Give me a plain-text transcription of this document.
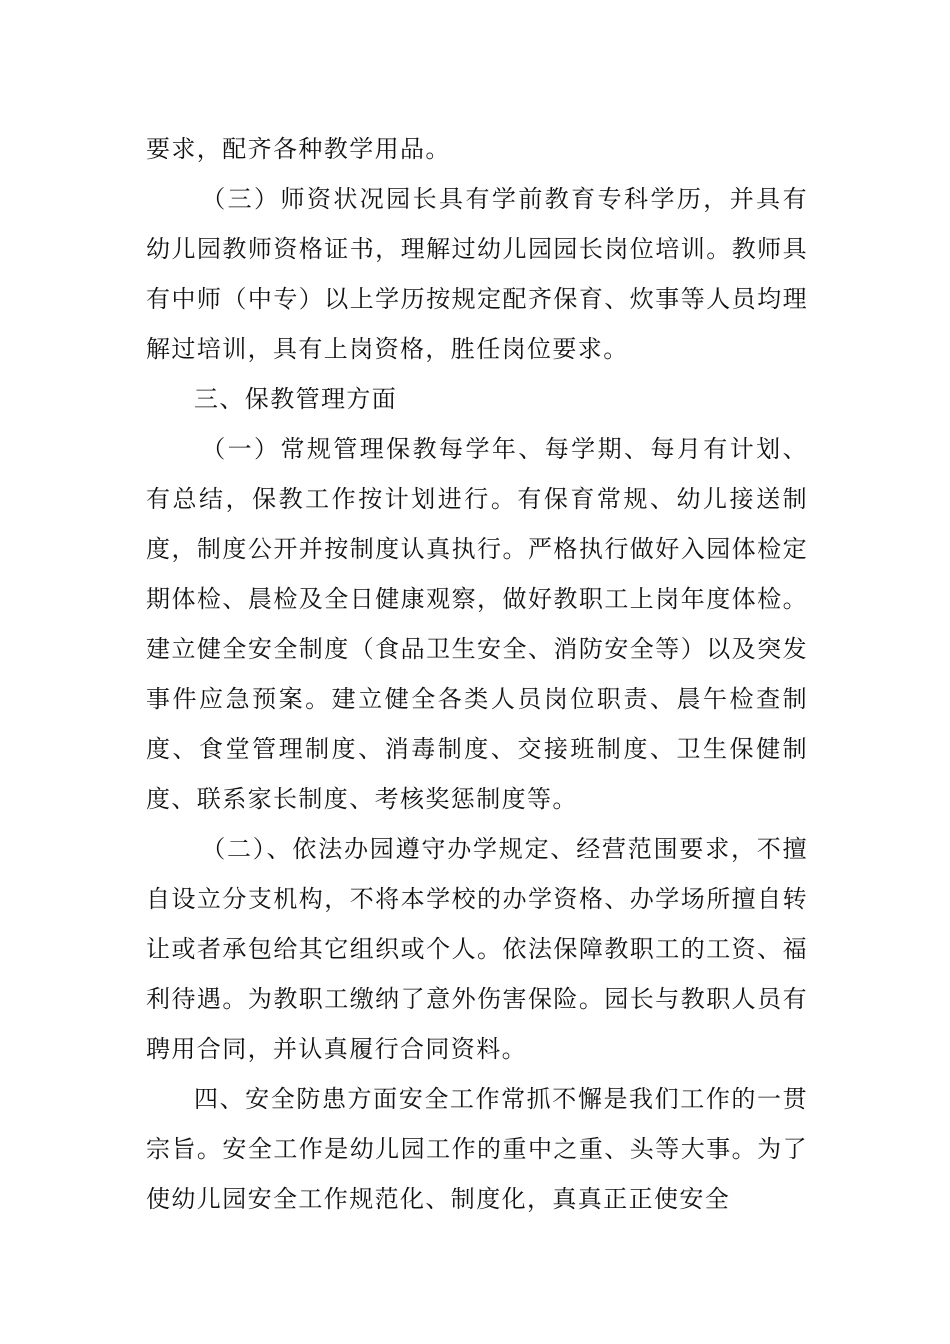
要求，配齐各种教学用品。

（三）师资状况园长具有学前教育专科学历，并具有幼儿园教师资格证书，理解过幼儿园园长岗位培训。教师具有中师（中专）以上学历按规定配齐保育、炊事等人员均理解过培训，具有上岗资格，胜任岗位要求。

三、保教管理方面

（一）常规管理保教每学年、每学期、每月有计划、有总结，保教工作按计划进行。有保育常规、幼儿接送制度，制度公开并按制度认真执行。严格执行做好入园体检定期体检、晨检及全日健康观察，做好教职工上岗年度体检。建立健全安全制度（食品卫生安全、消防安全等）以及突发事件应急预案。建立健全各类人员岗位职责、晨午检查制度、食堂管理制度、消毒制度、交接班制度、卫生保健制度、联系家长制度、考核奖惩制度等。

（二）、依法办园遵守办学规定、经营范围要求，不擅自设立分支机构，不将本学校的办学资格、办学场所擅自转让或者承包给其它组织或个人。依法保障教职工的工资、福利待遇。为教职工缴纳了意外伤害保险。园长与教职人员有聘用合同，并认真履行合同资料。

四、安全防患方面安全工作常抓不懈是我们工作的一贯宗旨。安全工作是幼儿园工作的重中之重、头等大事。为了使幼儿园安全工作规范化、制度化，真真正正使安全
